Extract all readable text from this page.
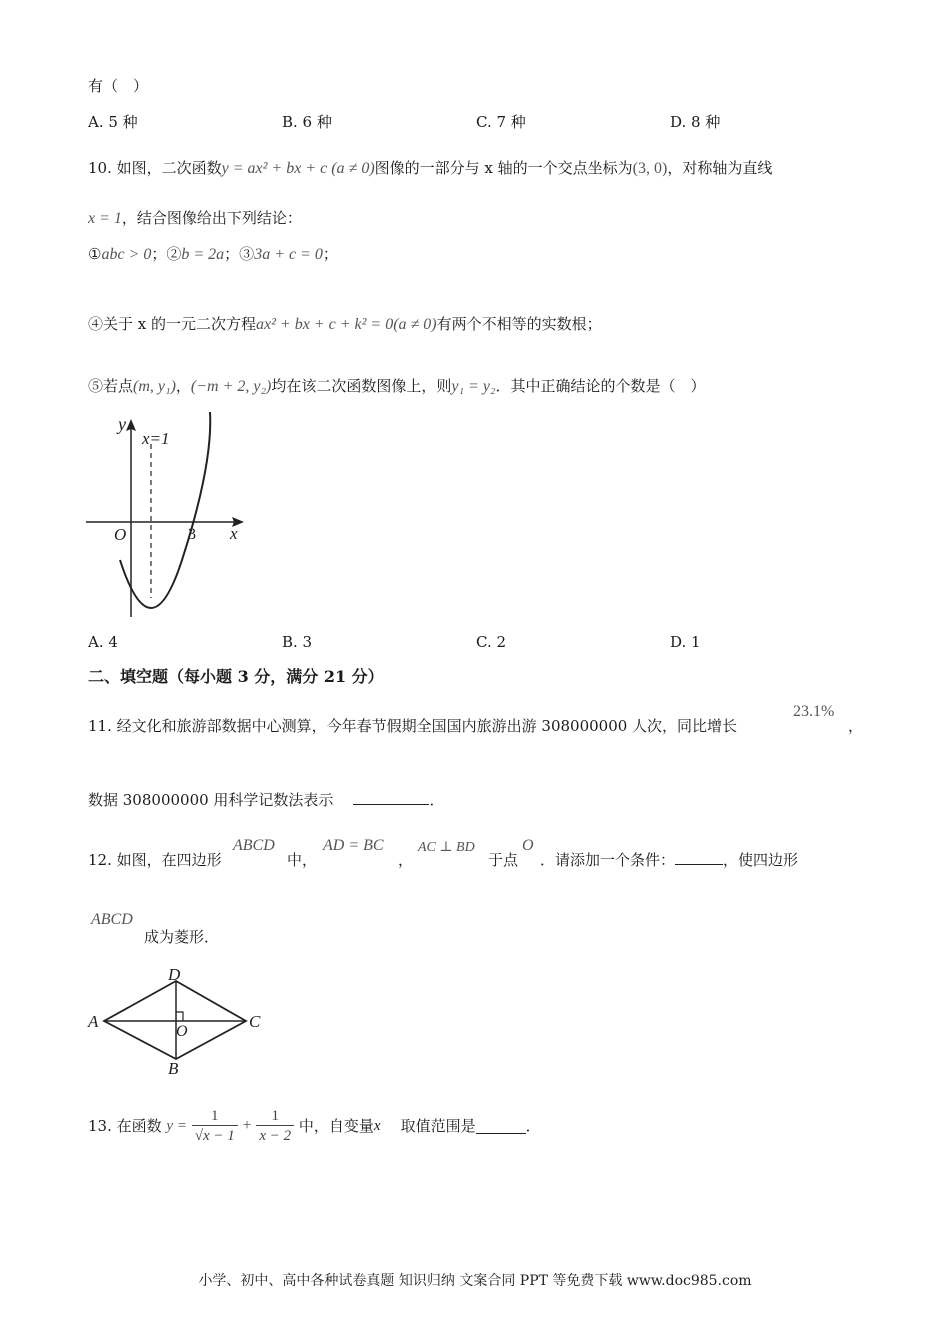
有（　）
A. 5 种	B. 6 种	C. 7 种	D. 8 种
10. 如图，二次函数y = ax² + bx + c (a ≠ 0)图像的一部分与 x 轴的一个交点坐标为(3, 0)，对称轴为直线
x = 1，结合图像给出下列结论：
①abc > 0；②b = 2a；③3a + c = 0；
④关于 x 的一元二次方程ax² + bx + c + k² = 0(a ≠ 0)有两个不相等的实数根；
⑤若点(m, y₁)，(−m + 2, y₂)均在该二次函数图像上，则y₁ = y₂．其中正确结论的个数是（　）
y
x=1
O	3 x
A. 4	B. 3	C. 2	D. 1
二、填空题（每小题 3 分，满分 21 分）
11. 经文化和旅游部数据中心测算，今年春节假期全国国内旅游出游 308000000 人次，同比增长
23.1%
，
数据 308000000 用科学记数法表示	．
12. 如图，在四边形
ABCD
中，
AD = BC
，
AC ⊥ BD
于点
O
．请添加一个条件：	，使四边形
ABCD
成为菱形．
D
A	C
O
B
13. 在函数 $y = \frac{1}{√x - 1} + \frac{1}{x - 2}$ 中，自变量x 取值范围是	．
小学、初中、高中各种试卷真题 知识归纳 文案合同 PPT 等免费下载 www.doc985.com
